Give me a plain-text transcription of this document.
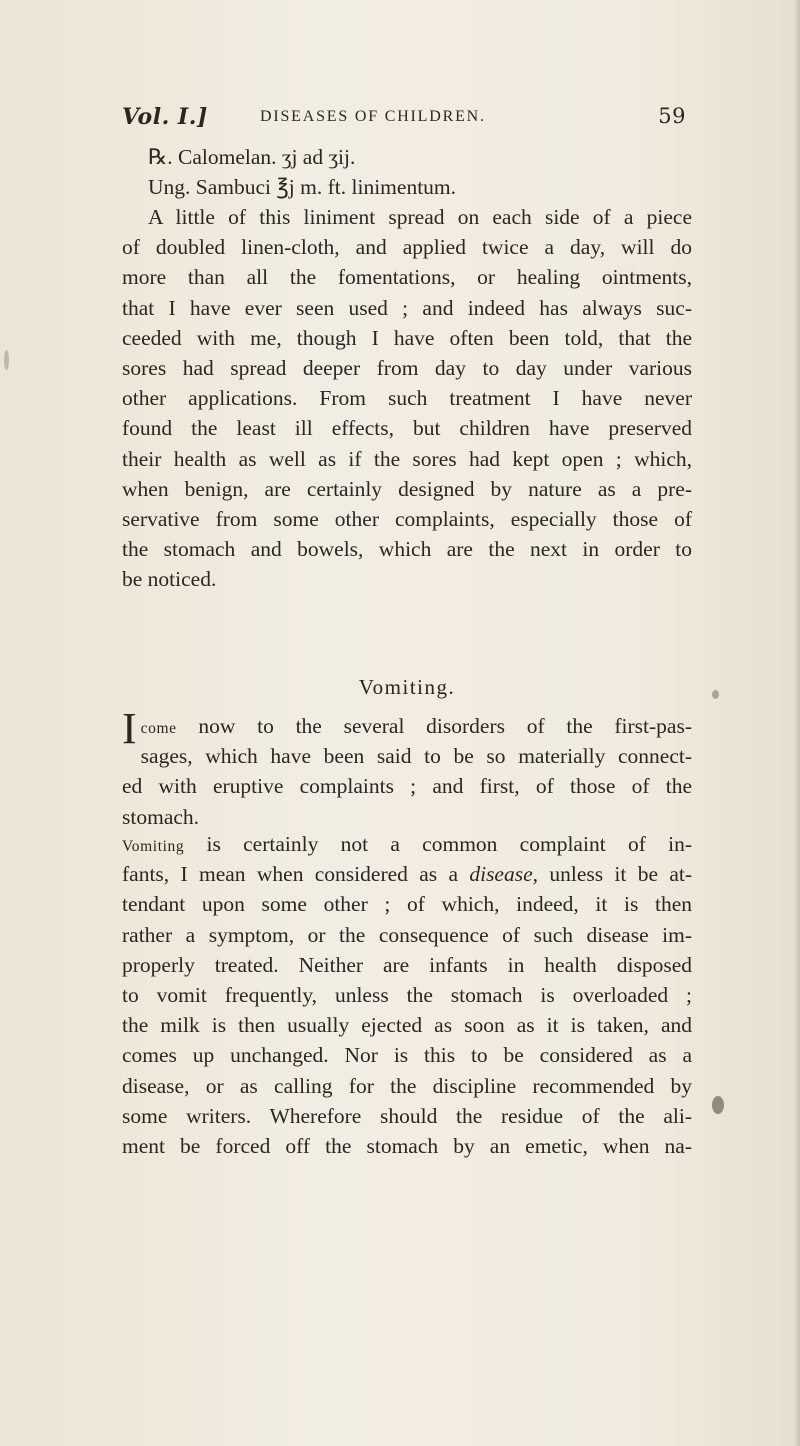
Vol. I.]	DISEASES OF CHILDREN.	59
℞. Calomelan. ʒj ad ʒij.
Ung. Sambuci ℥j m. ft. linimentum.
A little of this liniment spread on each side of a piece
of doubled linen-cloth, and applied twice a day, will do
more than all the fomentations, or healing ointments,
that I have ever seen used ; and indeed has always suc-
ceeded with me, though I have often been told, that the
sores had spread deeper from day to day under various
other applications. From such treatment I have never
found the least ill effects, but children have preserved
their health as well as if the sores had kept open ; which,
when benign, are certainly designed by nature as a pre-
servative from some other complaints, especially those of
the stomach and bowels, which are the next in order to
be noticed.
Vomiting.
Icome now to the several disorders of the first-pas-
sages, which have been said to be so materially connect-
ed with eruptive complaints ; and first, of those of the
stomach.
Vomiting is certainly not a common complaint of in-
fants, I mean when considered as a disease, unless it be at-
tendant upon some other ; of which, indeed, it is then
rather a symptom, or the consequence of such disease im-
properly treated. Neither are infants in health disposed
to vomit frequently, unless the stomach is overloaded ;
the milk is then usually ejected as soon as it is taken, and
comes up unchanged. Nor is this to be considered as a
disease, or as calling for the discipline recommended by
some writers. Wherefore should the residue of the ali-
ment be forced off the stomach by an emetic, when na-
